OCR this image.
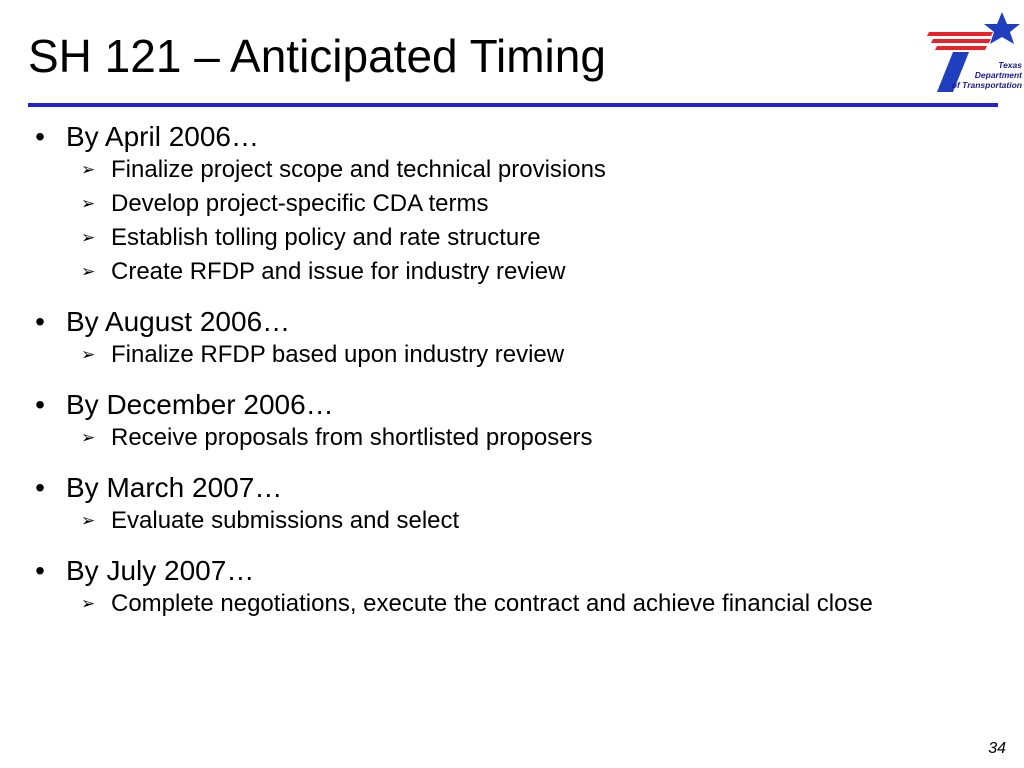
SH 121 – Anticipated Timing	Texas
Department
of Transportation
• By April 2006…
➢ Finalize project scope and technical provisions
➢ Develop project-specific CDA terms
➢ Establish tolling policy and rate structure
➢ Create RFDP and issue for industry review
• By August 2006…
➢ Finalize RFDP based upon industry review
• By December 2006…
➢ Receive proposals from shortlisted proposers
• By March 2007…
➢ Evaluate submissions and select
• By July 2007…
➢ Complete negotiations, execute the contract and achieve financial close
34
